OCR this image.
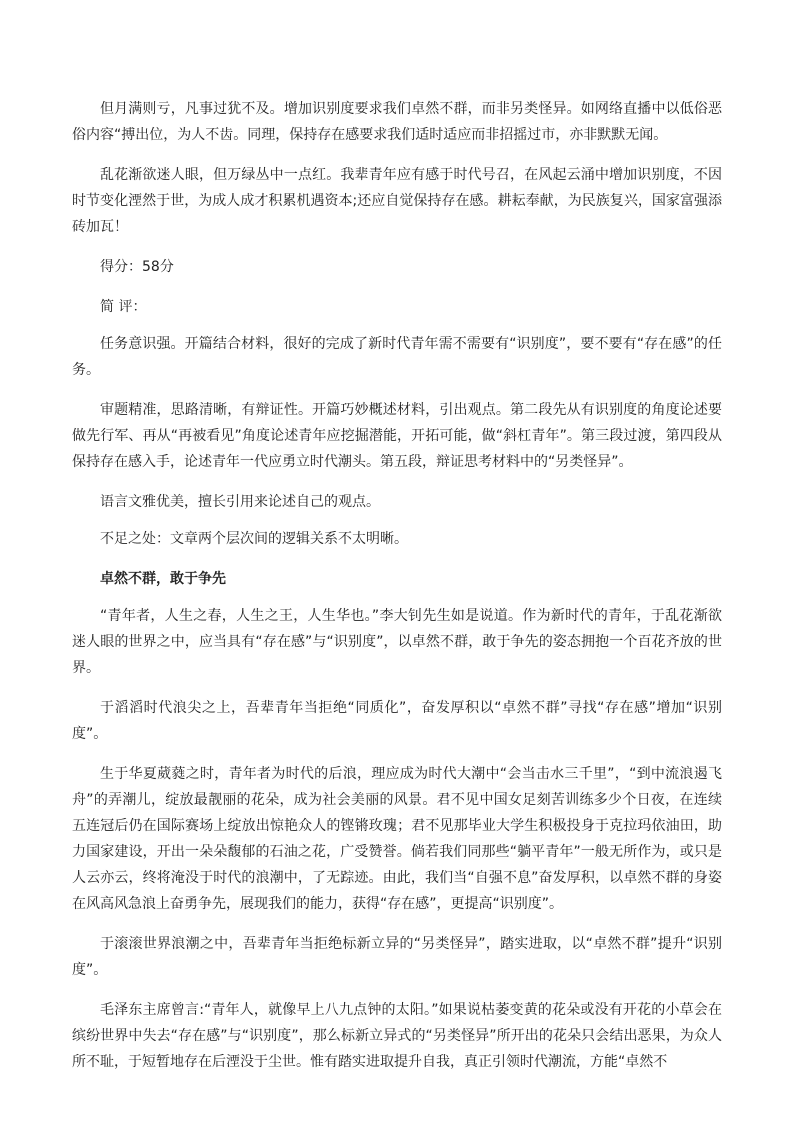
但月满则亏，凡事过犹不及。增加识别度要求我们卓然不群，而非另类怪异。如网络直播中以低俗恶俗内容“搏出位，为人不齿。同理，保持存在感要求我们适时适应而非招摇过市，亦非默默无闻。

乱花渐欲迷人眼，但万绿丛中一点红。我辈青年应有感于时代号召，在风起云涌中增加识别度，不因时节变化湮然于世，为成人成才积累机遇资本;还应自觉保持存在感。耕耘奉献，为民族复兴，国家富强添砖加瓦！

得分：58分

简 评：

任务意识强。开篇结合材料，很好的完成了新时代青年需不需要有“识别度”，要不要有“存在感”的任务。

审题精准，思路清晰，有辩证性。开篇巧妙概述材料，引出观点。第二段先从有识别度的角度论述要做先行军、再从“再被看见”角度论述青年应挖掘潜能，开拓可能，做“斜杠青年”。第三段过渡，第四段从保持存在感入手，论述青年一代应勇立时代潮头。第五段，辩证思考材料中的“另类怪异”。

语言文雅优美，擅长引用来论述自己的观点。

不足之处：文章两个层次间的逻辑关系不太明晰。

卓然不群，敢于争先

“青年者，人生之春，人生之王，人生华也。”李大钊先生如是说道。作为新时代的青年，于乱花渐欲迷人眼的世界之中，应当具有“存在感”与“识别度”，以卓然不群，敢于争先的姿态拥抱一个百花齐放的世界。

于滔滔时代浪尖之上，吾辈青年当拒绝“同质化”，奋发厚积以“卓然不群”寻找“存在感”增加“识别度”。

生于华夏葳蕤之时，青年者为时代的后浪，理应成为时代大潮中“会当击水三千里”，“到中流浪遏飞舟”的弄潮儿，绽放最靓丽的花朵，成为社会美丽的风景。君不见中国女足刻苦训练多少个日夜，在连续五连冠后仍在国际赛场上绽放出惊艳众人的铿锵玫瑰；君不见那毕业大学生积极投身于克拉玛依油田，助力国家建设，开出一朵朵馥郁的石油之花，广受赞誉。倘若我们同那些“躺平青年”一般无所作为，或只是人云亦云，终将淹没于时代的浪潮中，了无踪迹。由此，我们当“自强不息”奋发厚积，以卓然不群的身姿在风高风急浪上奋勇争先，展现我们的能力，获得“存在感”，更提高“识别度”。

于滚滚世界浪潮之中，吾辈青年当拒绝标新立异的“另类怪异”，踏实进取，以“卓然不群”提升“识别度”。

毛泽东主席曾言:“青年人，就像早上八九点钟的太阳。”如果说枯萎变黄的花朵或没有开花的小草会在缤纷世界中失去“存在感”与“识别度”，那么标新立异式的“另类怪异”所开出的花朵只会结出恶果，为众人所不耻，于短暂地存在后湮没于尘世。惟有踏实进取提升自我，真正引领时代潮流，方能“卓然不
